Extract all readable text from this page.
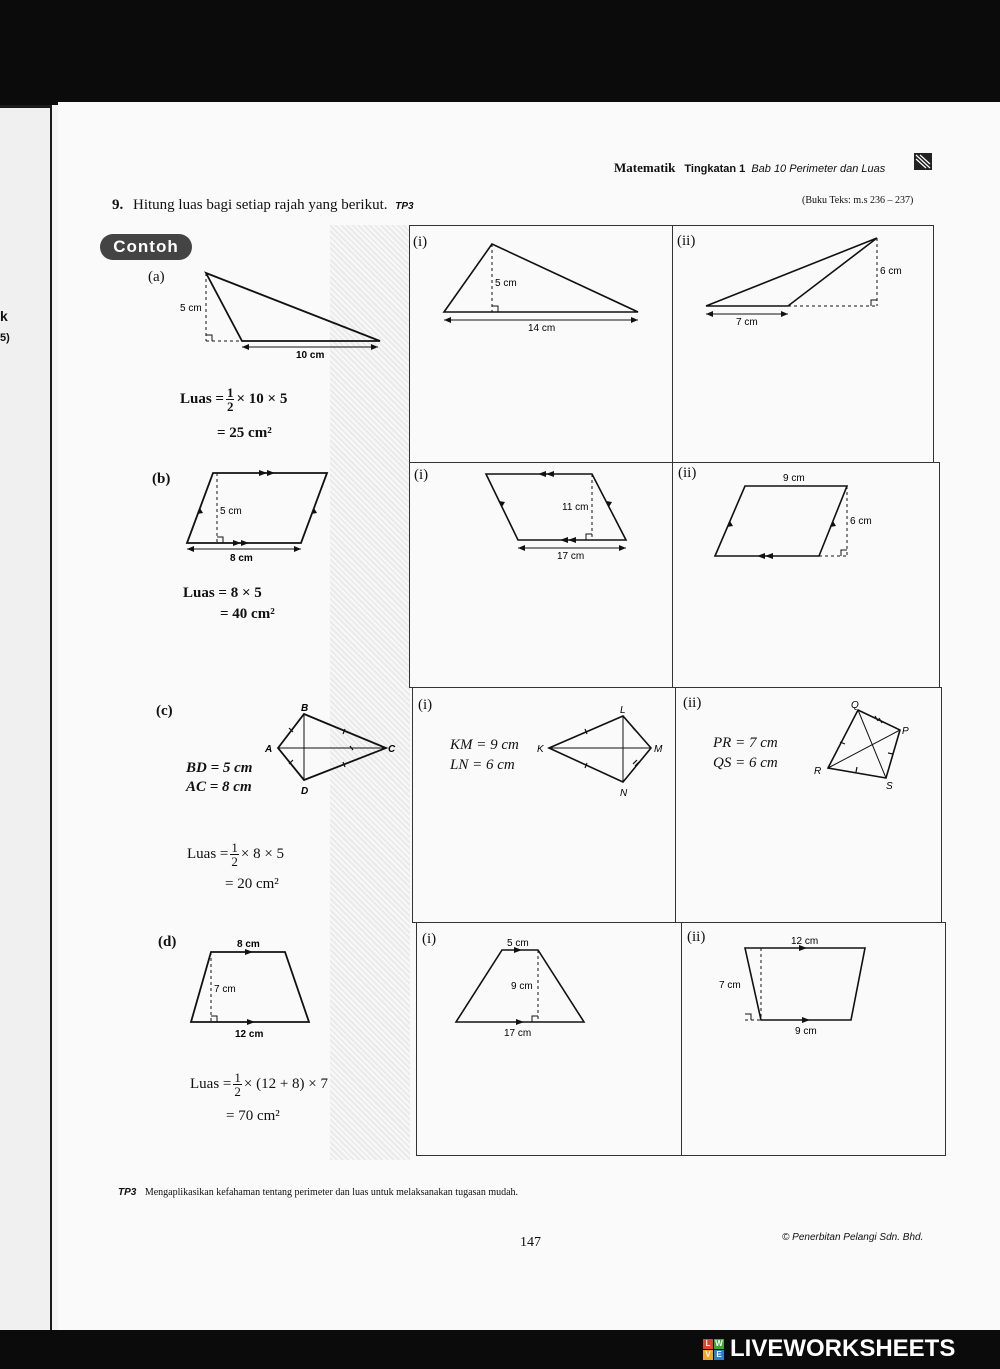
k
5)
Matematik Tingkatan 1 Bab 10 Perimeter dan Luas
9. Hitung luas bagi setiap rajah yang berikut. TP3
(Buku Teks: m.s 236 – 237)
Contoh	(i)	(ii)
(i)	(ii)
(i)	(ii)
(i)	(ii)
(a)
5 cm
10 cm
Luas = $\frac{1}{2} \times 10 \times 5$
= 25 cm²
(b)
5 cm
8 cm
Luas = 8 × 5
= 40 cm²
(c)	B
A	C
D
BD = 5 cm
AC = 8 cm
Luas = $\frac{1}{2} \times 8 \times 5$
= 20 cm²
(d)	8 cm
7 cm
12 cm
Luas = $\frac{1}{2} \times (12 + 8) \times 7$
= 70 cm²
5 cm
14 cm
6 cm
7 cm
11 cm
17 cm
9 cm
6 cm
KM = 9 cm
LN = 6 cm
L
K	M
N
PR = 7 cm
QS = 6 cm
Q
P
R
S
5 cm
9 cm
17 cm
12 cm
7 cm
9 cm
TP3 Mengaplikasikan kefahaman tentang perimeter dan luas untuk melaksanakan tugasan mudah.
147	© Penerbitan Pelangi Sdn. Bhd.
L W
V E LIVEWORKSHEETS
